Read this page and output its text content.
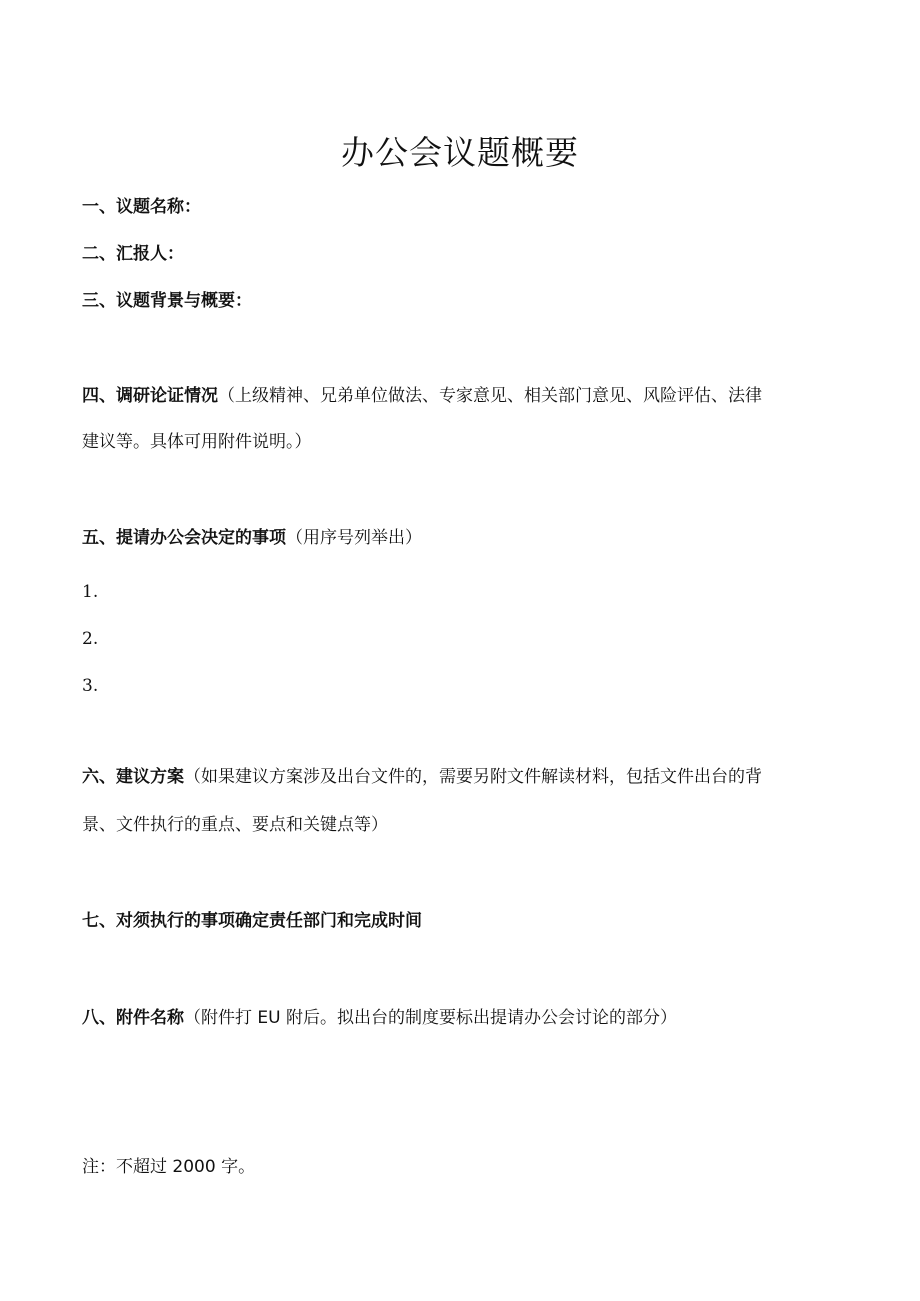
办公会议题概要
一、议题名称：
二、汇报人：
三、议题背景与概要：
四、调研论证情况（上级精神、兄弟单位做法、专家意见、相关部门意见、风险评估、法律
建议等。具体可用附件说明。）
五、提请办公会决定的事项（用序号列举出）
1.
2.
3.
六、建议方案（如果建议方案涉及出台文件的，需要另附文件解读材料，包括文件出台的背
景、文件执行的重点、要点和关键点等）
七、对须执行的事项确定责任部门和完成时间
八、附件名称（附件打 EU 附后。拟出台的制度要标出提请办公会讨论的部分）
注：不超过 2000 字。
